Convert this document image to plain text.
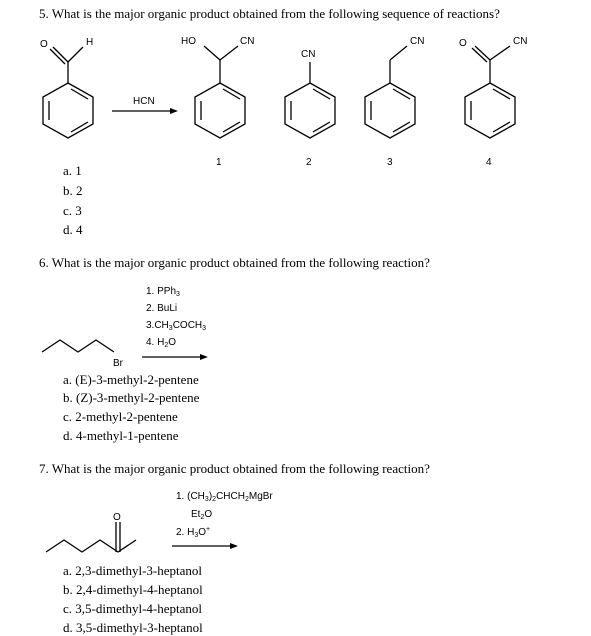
5. What is the major organic product obtained from the following sequence of reactions?
O	H	HO	CN
1
CN
2
CN
3
O	CN
4
Br
O
HCN
a. 1
b. 2
c. 3
d. 4
6. What is the major organic product obtained from the following reaction?
1. PPh$_3$
2. BuLi
$3.CH_3COCH_3$
4. $H_2O$
a. (E)-3-methyl-2-pentene
b. (Z)-3-methyl-2-pentene
c. 2-methyl-2-pentene
d. 4-methyl-1-pentene
7. What is the major organic product obtained from the following reaction?
1. $(CH_3)_2CHCH_2MgBr$
$Et_2O$
2. $H_3O^+$
a. 2,3-dimethyl-3-heptanol
b. 2,4-dimethyl-4-heptanol
c. 3,5-dimethyl-4-heptanol
d. 3,5-dimethyl-3-heptanol
